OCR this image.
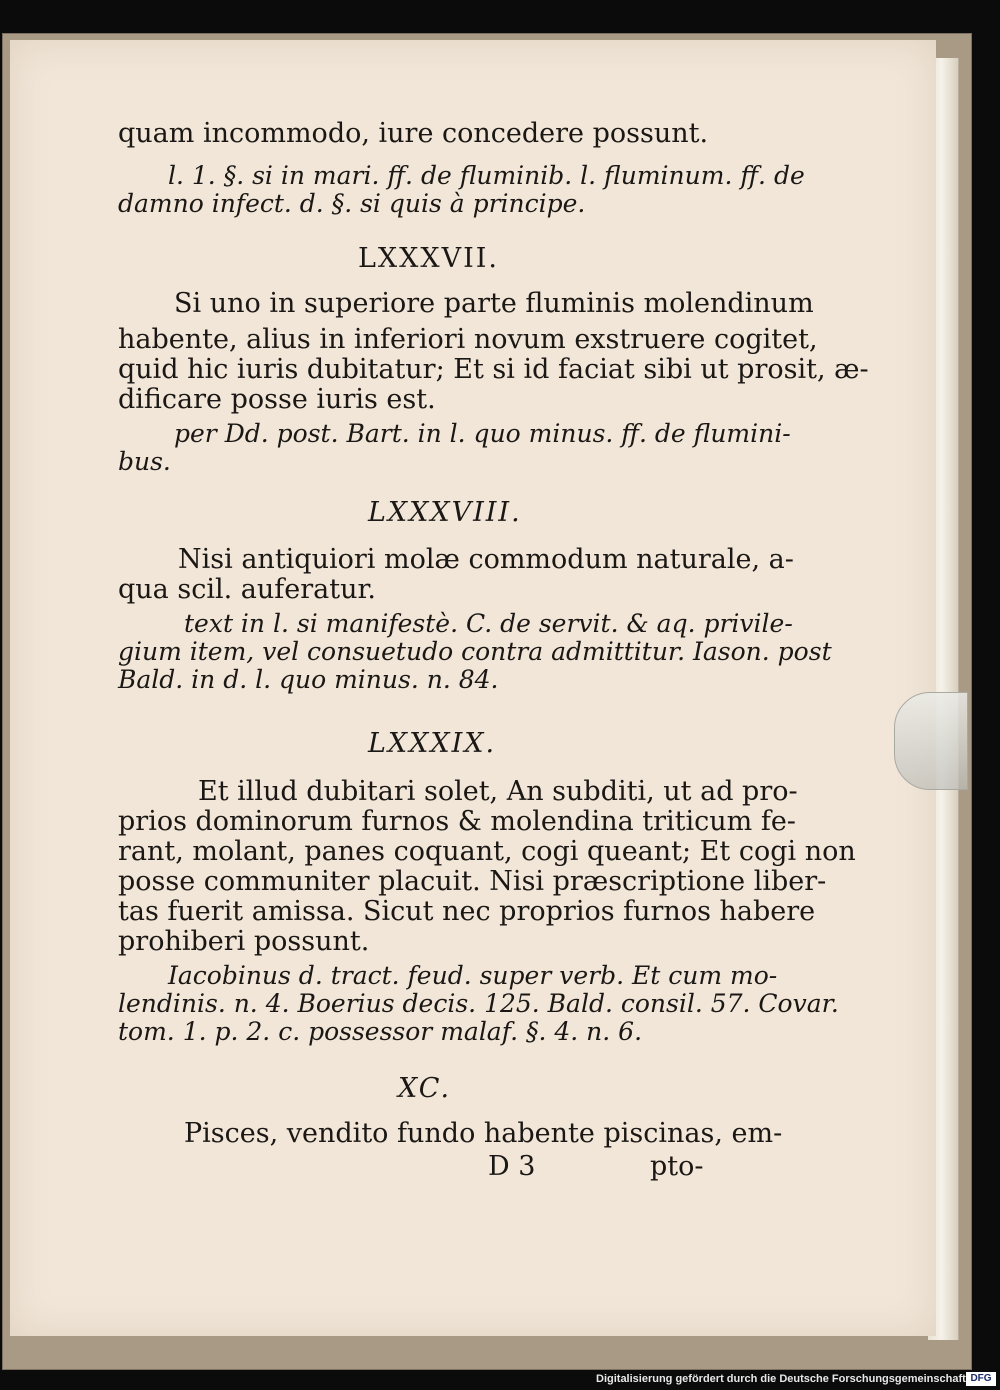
quam incommodo, iure concedere possunt.
l. 1. §. si in mari. ff. de fluminib. l. fluminum. ff. de
damno infect. d. §. si quis à principe.
LXXXVII.
Si uno in superiore parte fluminis molendinum
habente, alius in inferiori novum exstruere cogitet,
quid hic iuris dubitatur; Et si id faciat sibi ut prosit, æ-
dificare posse iuris est.
per Dd. post. Bart. in l. quo minus. ff. de flumini-
bus.
LXXXVIII.
Nisi antiquiori molæ commodum naturale, a-
qua scil. auferatur.
text in l. si manifestè. C. de servit. & aq. privile-
gium item, vel consuetudo contra admittitur. Iason. post
Bald. in d. l. quo minus. n. 84.
LXXXIX.
Et illud dubitari solet, An subditi, ut ad pro-
prios dominorum furnos & molendina triticum fe-
rant, molant, panes coquant, cogi queant; Et cogi non
posse communiter placuit. Nisi præscriptione liber-
tas fuerit amissa. Sicut nec proprios furnos habere
prohiberi possunt.
Iacobinus d. tract. feud. super verb. Et cum mo-
lendinis. n. 4. Boerius decis. 125. Bald. consil. 57. Covar.
tom. 1. p. 2. c. possessor malaf. §. 4. n. 6.
XC.
Pisces, vendito fundo habente piscinas, em-
D 3	pto-
Digitalisierung gefördert durch die Deutsche Forschungsgemeinschaft DFG
